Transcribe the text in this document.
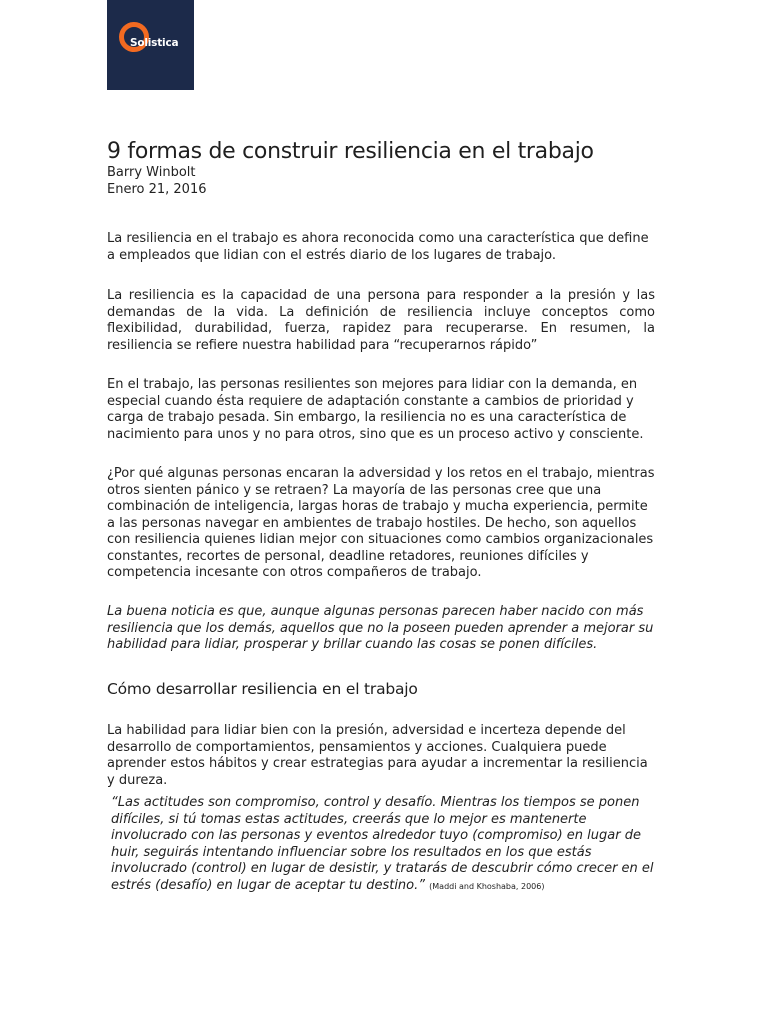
Solistica
9 formas de construir resiliencia en el trabajo
Barry Winbolt
Enero 21, 2016

La resiliencia en el trabajo es ahora reconocida como una característica que define a empleados que lidian con el estrés diario de los lugares de trabajo.

La resiliencia es la capacidad de una persona para responder a la presión y las demandas de la vida. La definición de resiliencia incluye conceptos como flexibilidad, durabilidad, fuerza, rapidez para recuperarse. En resumen, la resiliencia se refiere nuestra habilidad para “recuperarnos rápido”

En el trabajo, las personas resilientes son mejores para lidiar con la demanda, en especial cuando ésta requiere de adaptación constante a cambios de prioridad y carga de trabajo pesada. Sin embargo, la resiliencia no es una característica de nacimiento para unos y no para otros, sino que es un proceso activo y consciente.

¿Por qué algunas personas encaran la adversidad y los retos en el trabajo, mientras otros sienten pánico y se retraen? La mayoría de las personas cree que una combinación de inteligencia, largas horas de trabajo y mucha experiencia, permite a las personas navegar en ambientes de trabajo hostiles. De hecho, son aquellos con resiliencia quienes lidian mejor con situaciones como cambios organizacionales constantes, recortes de personal, deadline retadores, reuniones difíciles y competencia incesante con otros compañeros de trabajo.

La buena noticia es que, aunque algunas personas parecen haber nacido con más resiliencia que los demás, aquellos que no la poseen pueden aprender a mejorar su habilidad para lidiar, prosperar y brillar cuando las cosas se ponen difíciles.

Cómo desarrollar resiliencia en el trabajo

La habilidad para lidiar bien con la presión, adversidad e incerteza depende del desarrollo de comportamientos, pensamientos y acciones. Cualquiera puede aprender estos hábitos y crear estrategias para ayudar a incrementar la resiliencia y dureza.

“Las actitudes son compromiso, control y desafío. Mientras los tiempos se ponen difíciles, si tú tomas estas actitudes, creerás que lo mejor es mantenerte involucrado con las personas y eventos alrededor tuyo (compromiso) en lugar de huir, seguirás intentando influenciar sobre los resultados en los que estás involucrado (control) en lugar de desistir, y tratarás de descubrir cómo crecer en el estrés (desafío) en lugar de aceptar tu destino.” (Maddi and Khoshaba, 2006)
